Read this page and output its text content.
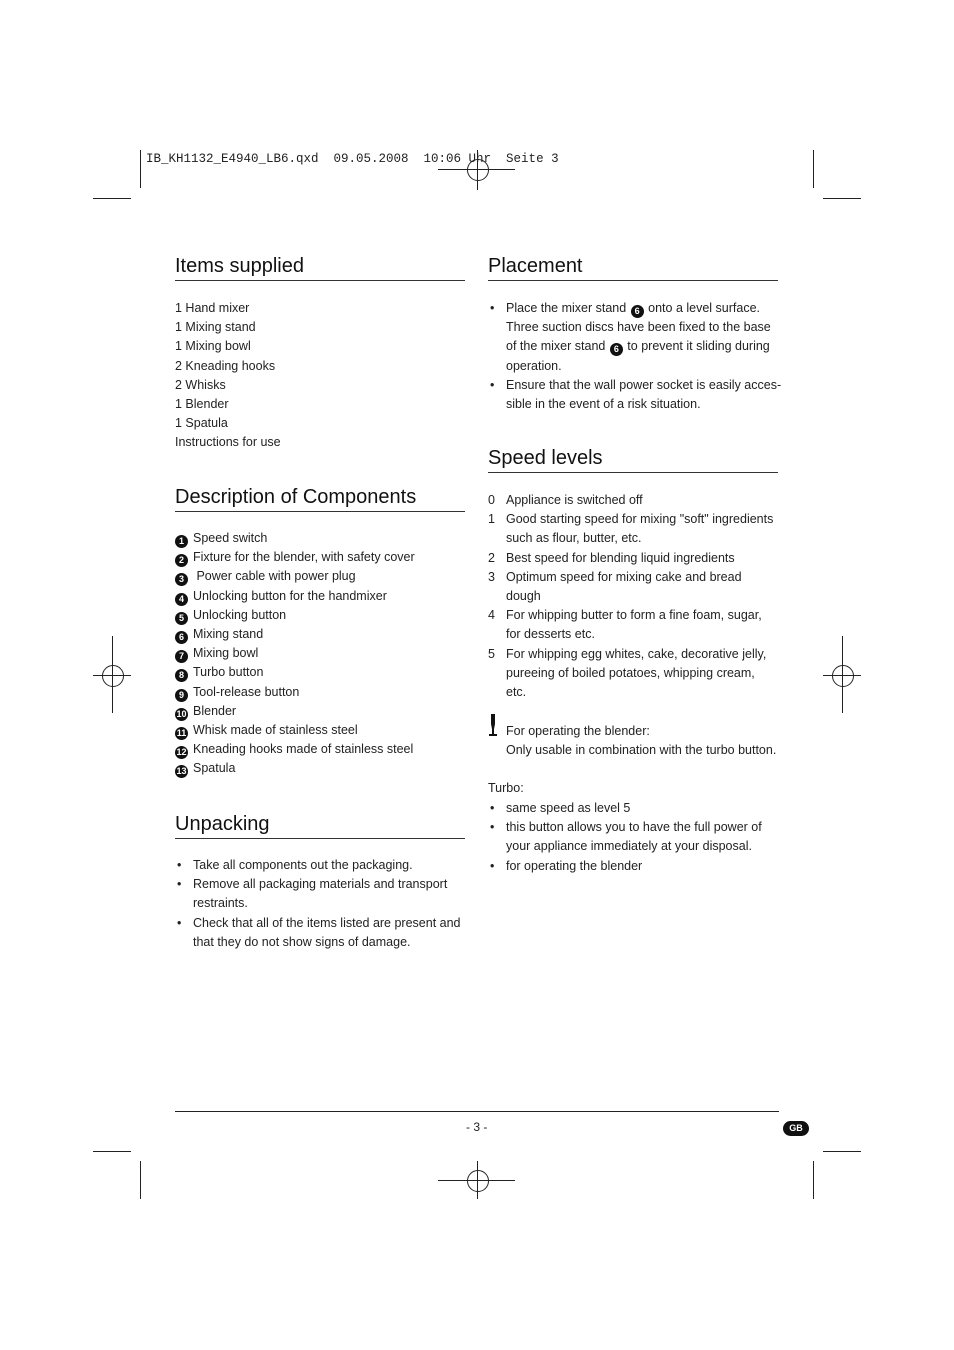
IB_KH1132_E4940_LB6.qxd  09.05.2008  10:06 Uhr  Seite 3
Items supplied
1 Hand mixer
1 Mixing stand
1 Mixing bowl
2 Kneading hooks
2 Whisks
1 Blender
1 Spatula
Instructions for use
Description of Components
1 Speed switch
2 Fixture for the blender, with safety cover
3 Power cable with power plug
4 Unlocking button for the handmixer
5 Unlocking button
6 Mixing stand
7 Mixing bowl
8 Turbo button
9 Tool-release button
10 Blender
11 Whisk made of stainless steel
12 Kneading hooks made of stainless steel
13 Spatula
Unpacking
• Take all components out the packaging.
• Remove all packaging materials and transport
restraints.
• Check that all of the items listed are present and
that they do not show signs of damage.
Placement
• Place the mixer stand 6 onto a level surface.
Three suction discs have been fixed to the base
of the mixer stand 6 to prevent it sliding during
operation.
• Ensure that the wall power socket is easily acces-
sible in the event of a risk situation.
Speed levels
0 Appliance is switched off
1 Good starting speed for mixing "soft" ingredients
such as flour, butter, etc.
2 Best speed for blending liquid ingredients
3 Optimum speed for mixing cake and bread
dough
4 For whipping butter to form a fine foam, sugar,
for desserts etc.
5 For whipping egg whites, cake, decorative jelly,
pureeing of boiled potatoes, whipping cream,
etc.
For operating the blender:
Only usable in combination with the turbo button.
Turbo:
• same speed as level 5
• this button allows you to have the full power of
your appliance immediately at your disposal.
• for operating the blender
- 3 -	GB
